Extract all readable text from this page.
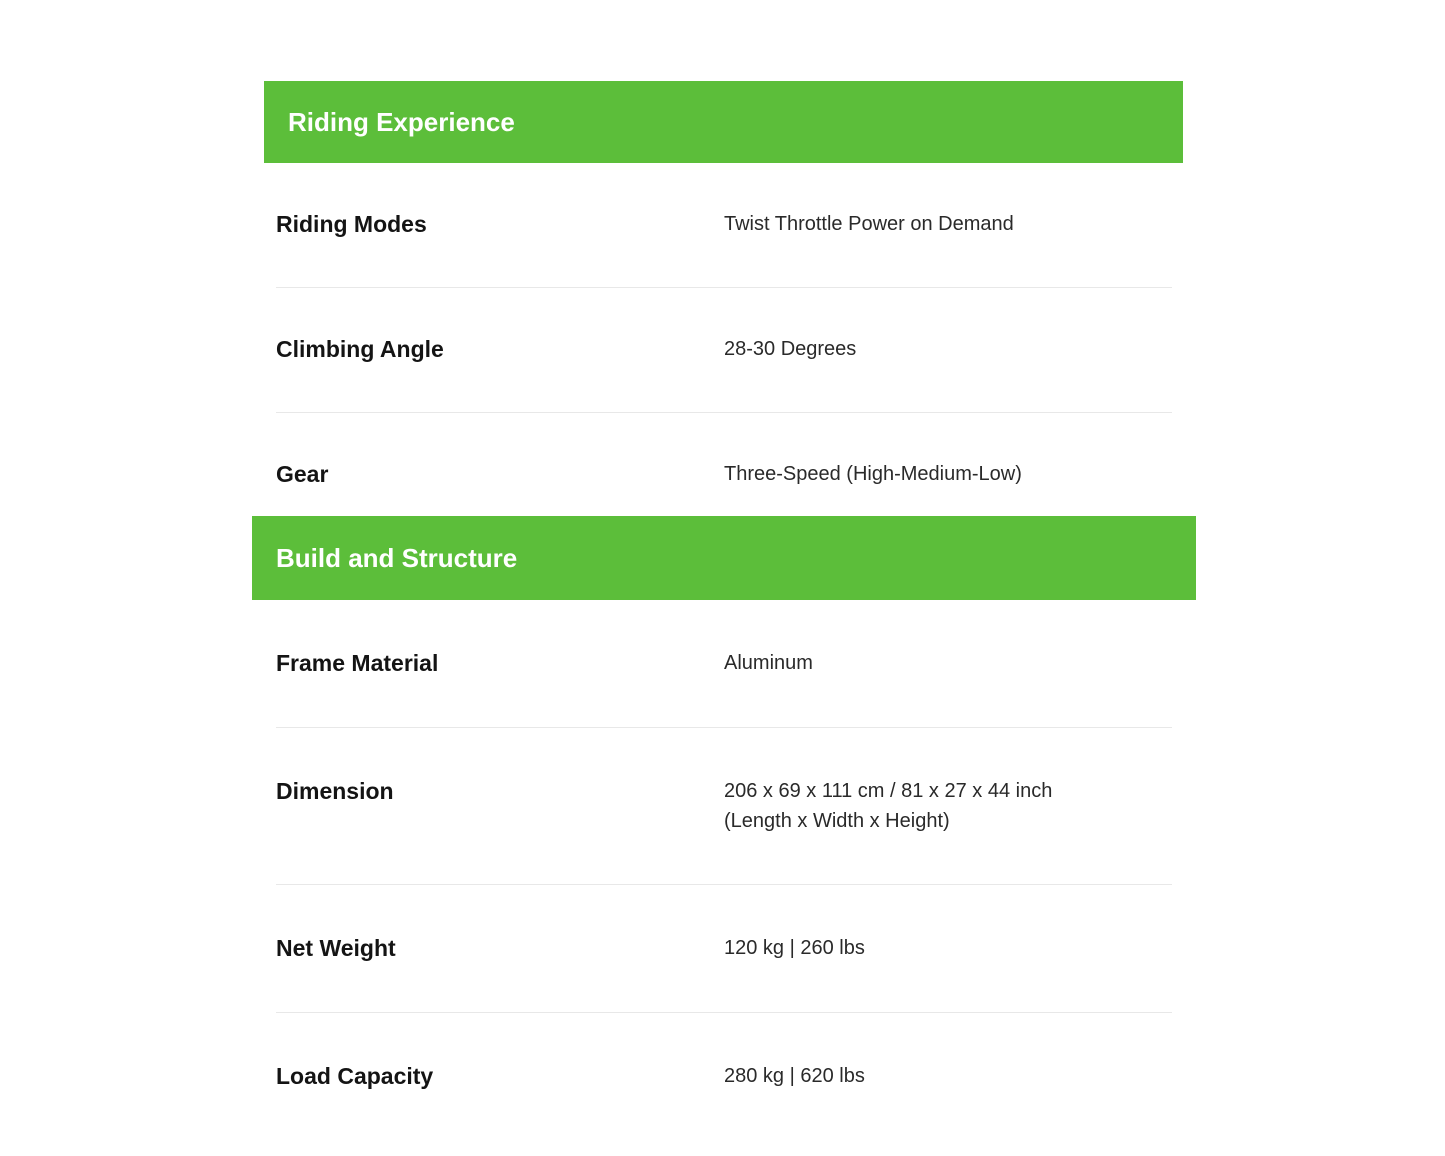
Riding Experience
Riding Modes	Twist Throttle Power on Demand
Climbing Angle	28-30 Degrees
Gear	Three-Speed (High-Medium-Low)
Build and Structure
Frame Material	Aluminum
Dimension	206 x 69 x 111 cm / 81 x 27 x 44 inch
(Length x Width x Height)
Net Weight	120 kg | 260 lbs
Load Capacity	280 kg | 620 lbs
